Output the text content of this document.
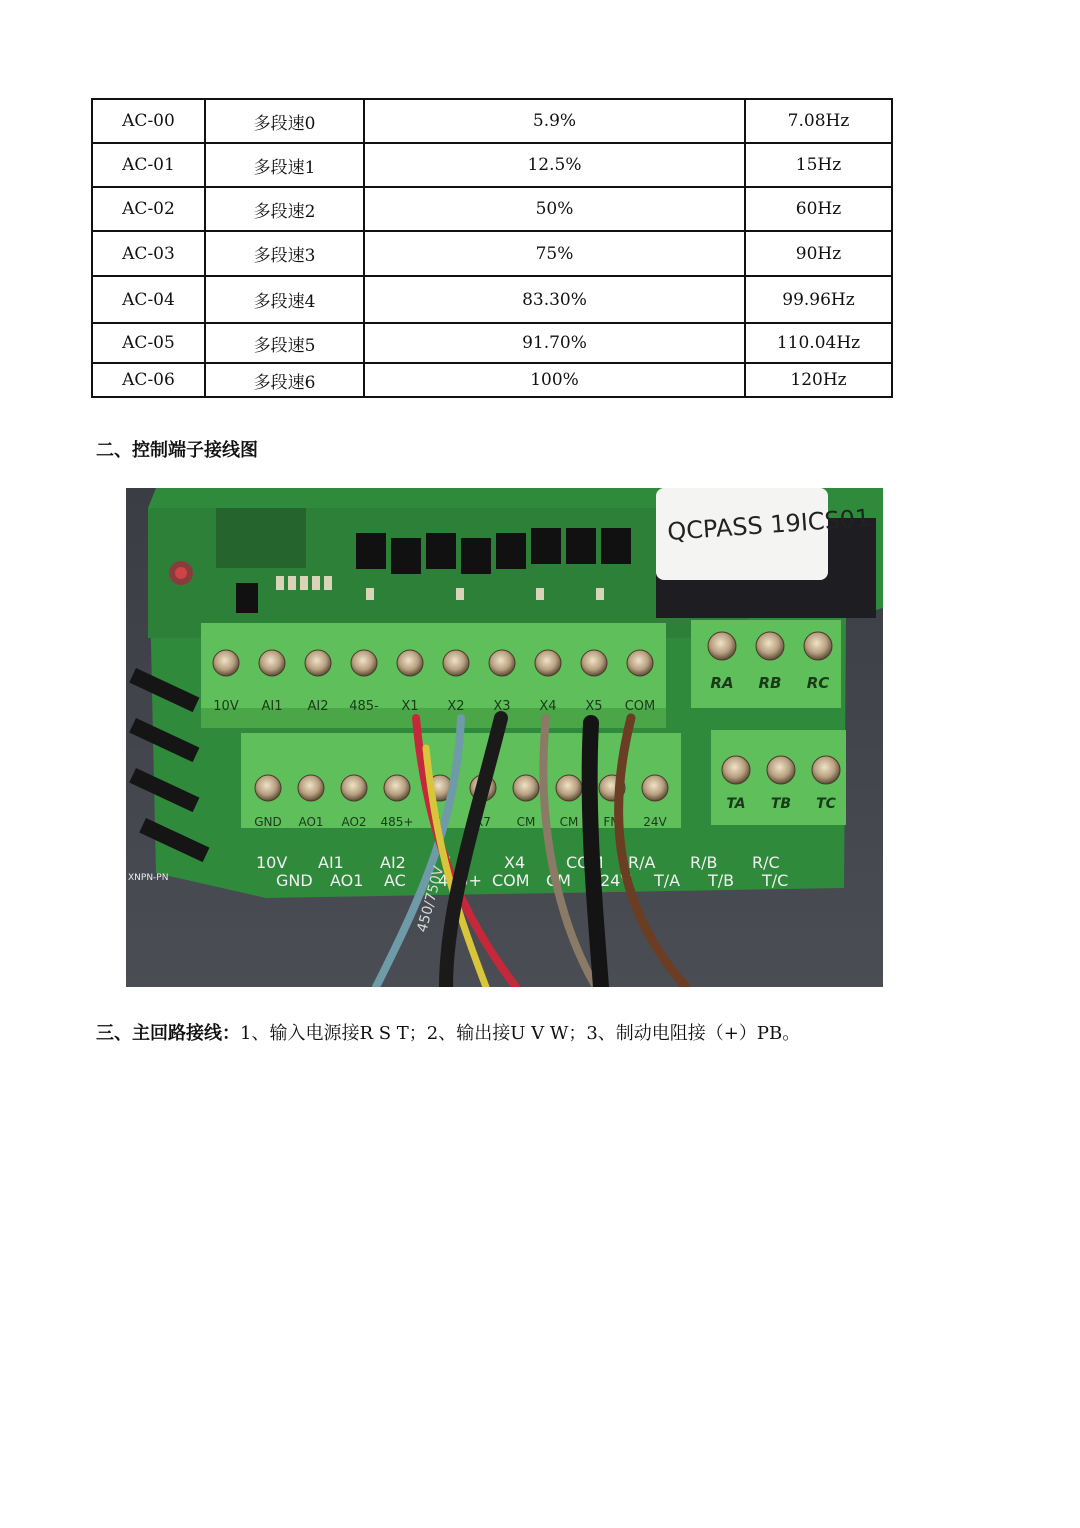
AC-00	多段速0	5.9%	7.08Hz
AC-01	多段速1	12.5%	15Hz
AC-02	多段速2	50%	60Hz
AC-03	多段速3	75%	90Hz
AC-04	多段速4	83.30%	99.96Hz
AC-05	多段速5	91.70%	110.04Hz
AC-06	多段速6	100%	120Hz
二、控制端子接线图
QCPASS 19ICS01
10V AI1 AI2 485- X1 X2 X3 X4 X5 COM
RA RB RC
GND AO1 AO2 485+ X6 X7 CM CM FM 24V
TA TB TC
10V AI1 AI2 4	X4	COM R/A R/B R/C
GND AO1 AC 485+ COM CM 24V T/A T/B T/C
XNPN-PN	450/750V
三、主回路接线：1、输入电源接R S T；2、输出接U V W；3、制动电阻接（+）PB。
